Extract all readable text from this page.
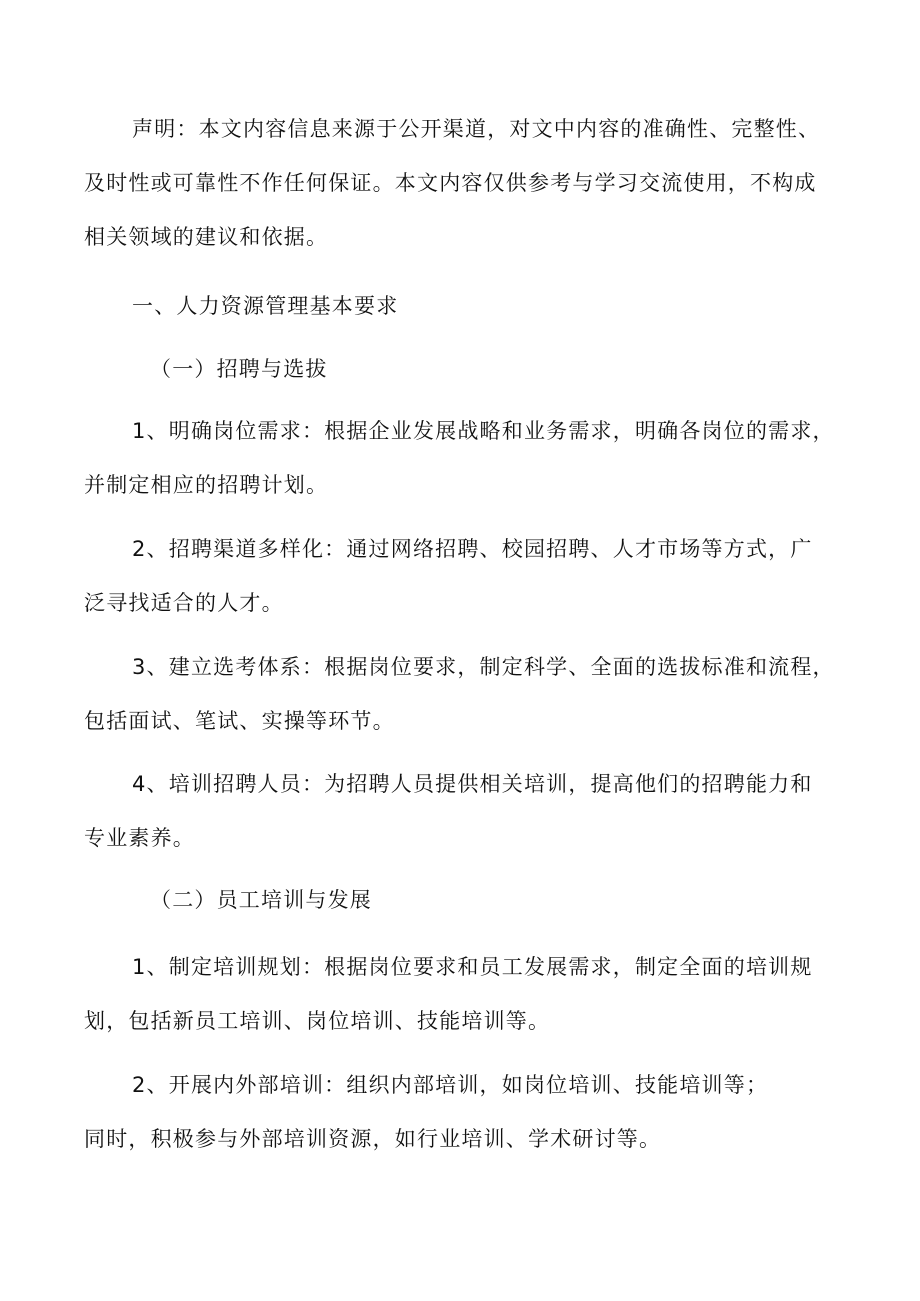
声明：本文内容信息来源于公开渠道，对文中内容的准确性、完整性、
及时性或可靠性不作任何保证。本文内容仅供参考与学习交流使用，不构成
相关领域的建议和依据。

一、人力资源管理基本要求
（一）招聘与选拔

1、明确岗位需求：根据企业发展战略和业务需求，明确各岗位的需求，
并制定相应的招聘计划。

2、招聘渠道多样化：通过网络招聘、校园招聘、人才市场等方式，广
泛寻找适合的人才。

3、建立选考体系：根据岗位要求，制定科学、全面的选拔标准和流程，
包括面试、笔试、实操等环节。

4、培训招聘人员：为招聘人员提供相关培训，提高他们的招聘能力和
专业素养。

（二）员工培训与发展

1、制定培训规划：根据岗位要求和员工发展需求，制定全面的培训规
划，包括新员工培训、岗位培训、技能培训等。

2、开展内外部培训：组织内部培训，如岗位培训、技能培训等；
同时，积极参与外部培训资源，如行业培训、学术研讨等。
